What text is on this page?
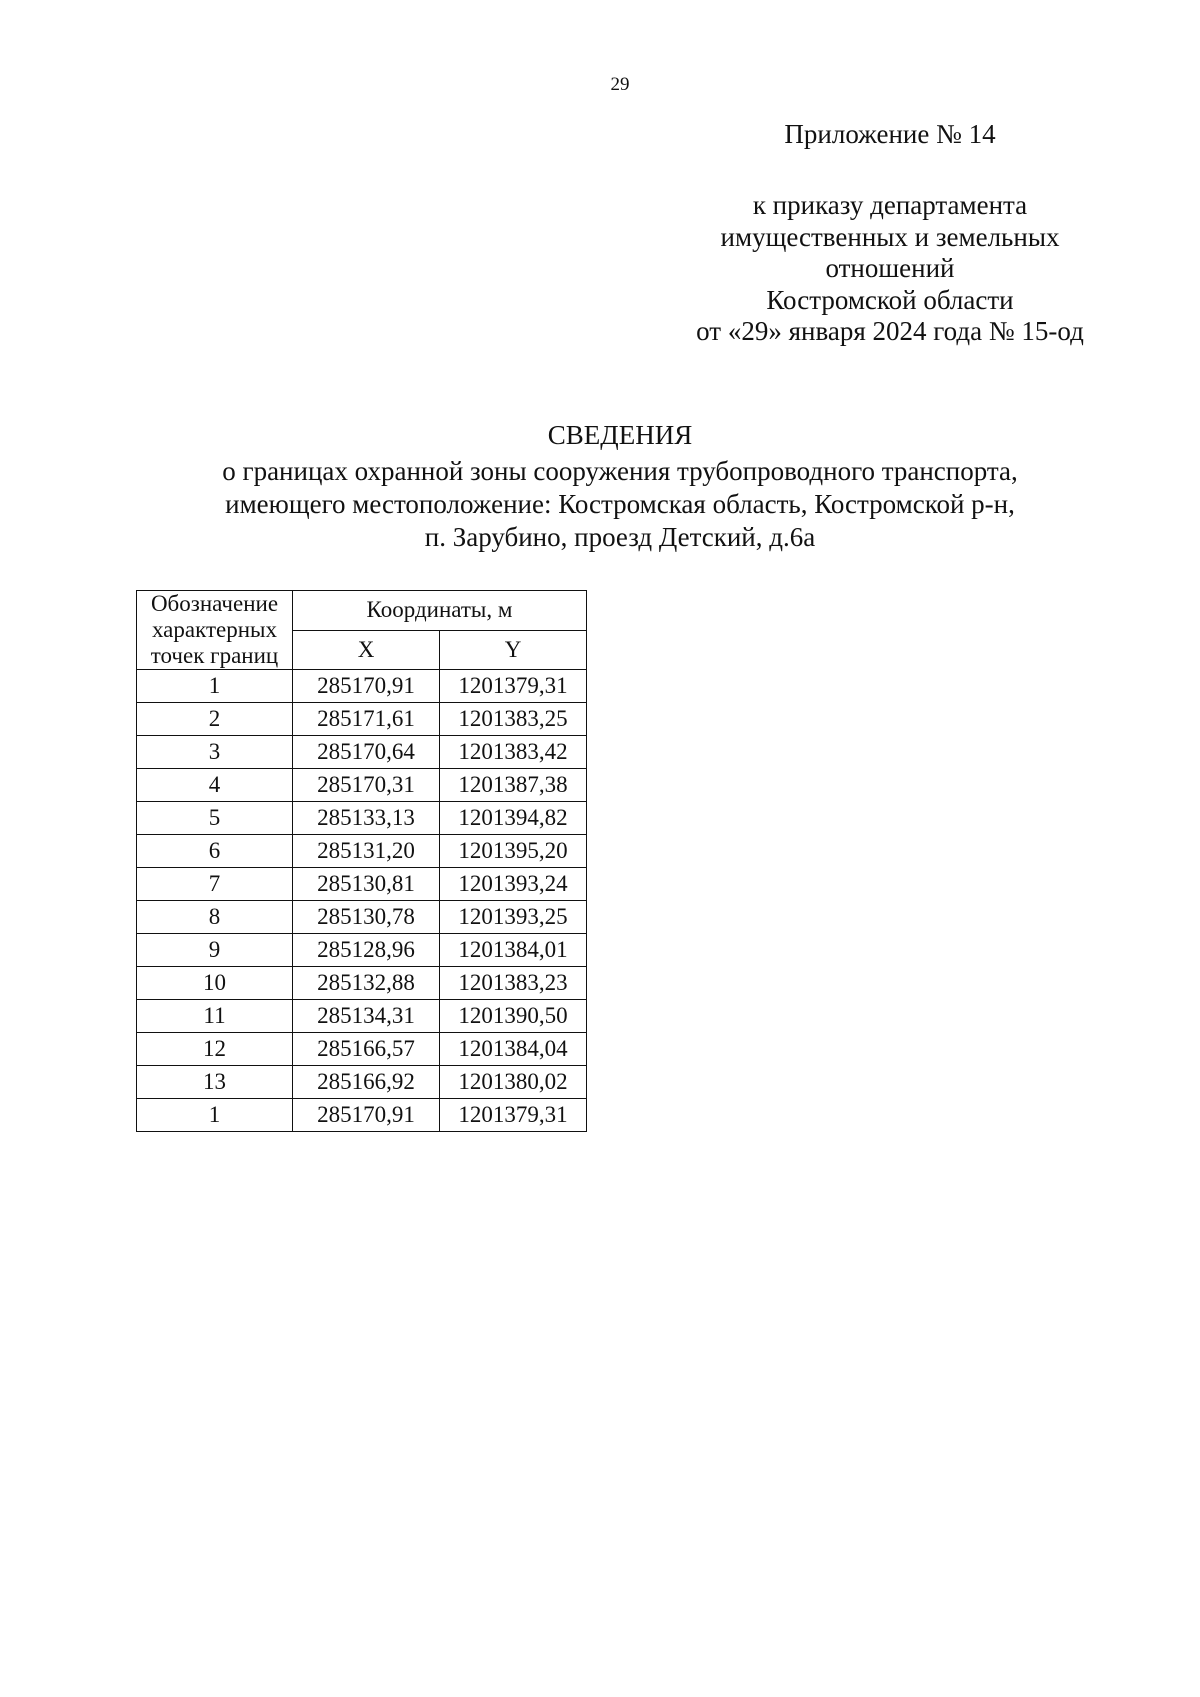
29
Приложение № 14
к приказу департамента
имущественных и земельных
отношений
Костромской области
от «29» января 2024 года № 15-од
СВЕДЕНИЯ
о границах охранной зоны сооружения трубопроводного транспорта,
имеющего местоположение: Костромская область, Костромской р-н,
п. Зарубино, проезд Детский, д.6а
Обозначение характерных точек границ	Координаты, м	
	X	Y
1	285170,91	1201379,31
2	285171,61	1201383,25
3	285170,64	1201383,42
4	285170,31	1201387,38
5	285133,13	1201394,82
6	285131,20	1201395,20
7	285130,81	1201393,24
8	285130,78	1201393,25
9	285128,96	1201384,01
10	285132,88	1201383,23
11	285134,31	1201390,50
12	285166,57	1201384,04
13	285166,92	1201380,02
1	285170,91	1201379,31
